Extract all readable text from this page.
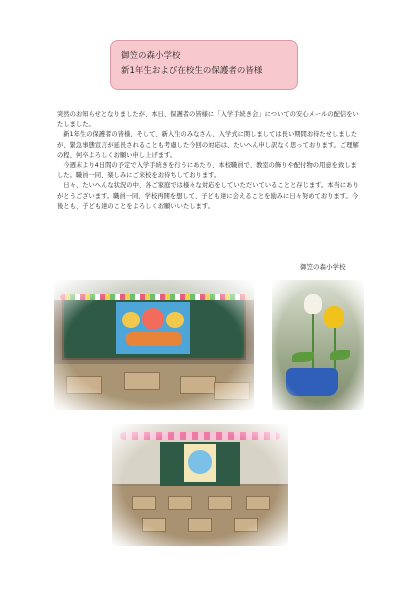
御笠の森小学校
新1年生および在校生の保護者の皆様

突然のお知らせとなりましたが、本日、保護者の皆様に「入学手続き会」についての安心メールの配信をいたしました。

新1年生の保護者の皆様、そして、新入生のみなさん、入学式に関しましては長い期間お待たせしましたが、緊急事態宣言が延長されることも考慮した今回の対応は、たいへん申し訳なく思っております。ご理解の程、何卒よろしくお願い申し上げます。

今週末より4日間の予定で入学手続きを行うにあたり、本校職員で、教室の飾りや配付物の用意を致しました。職員一同、楽しみにご来校をお待ちしております。

日々、たいへんな状況の中、各ご家庭では様々な対応をしていただいていることと存じます。本当にありがとうございます。職員一同、学校再開を想して、子ども達に会えることを励みに日々努めております。今後とも、子ども達のことをよろしくお願いいたします。

御笠の森小学校
